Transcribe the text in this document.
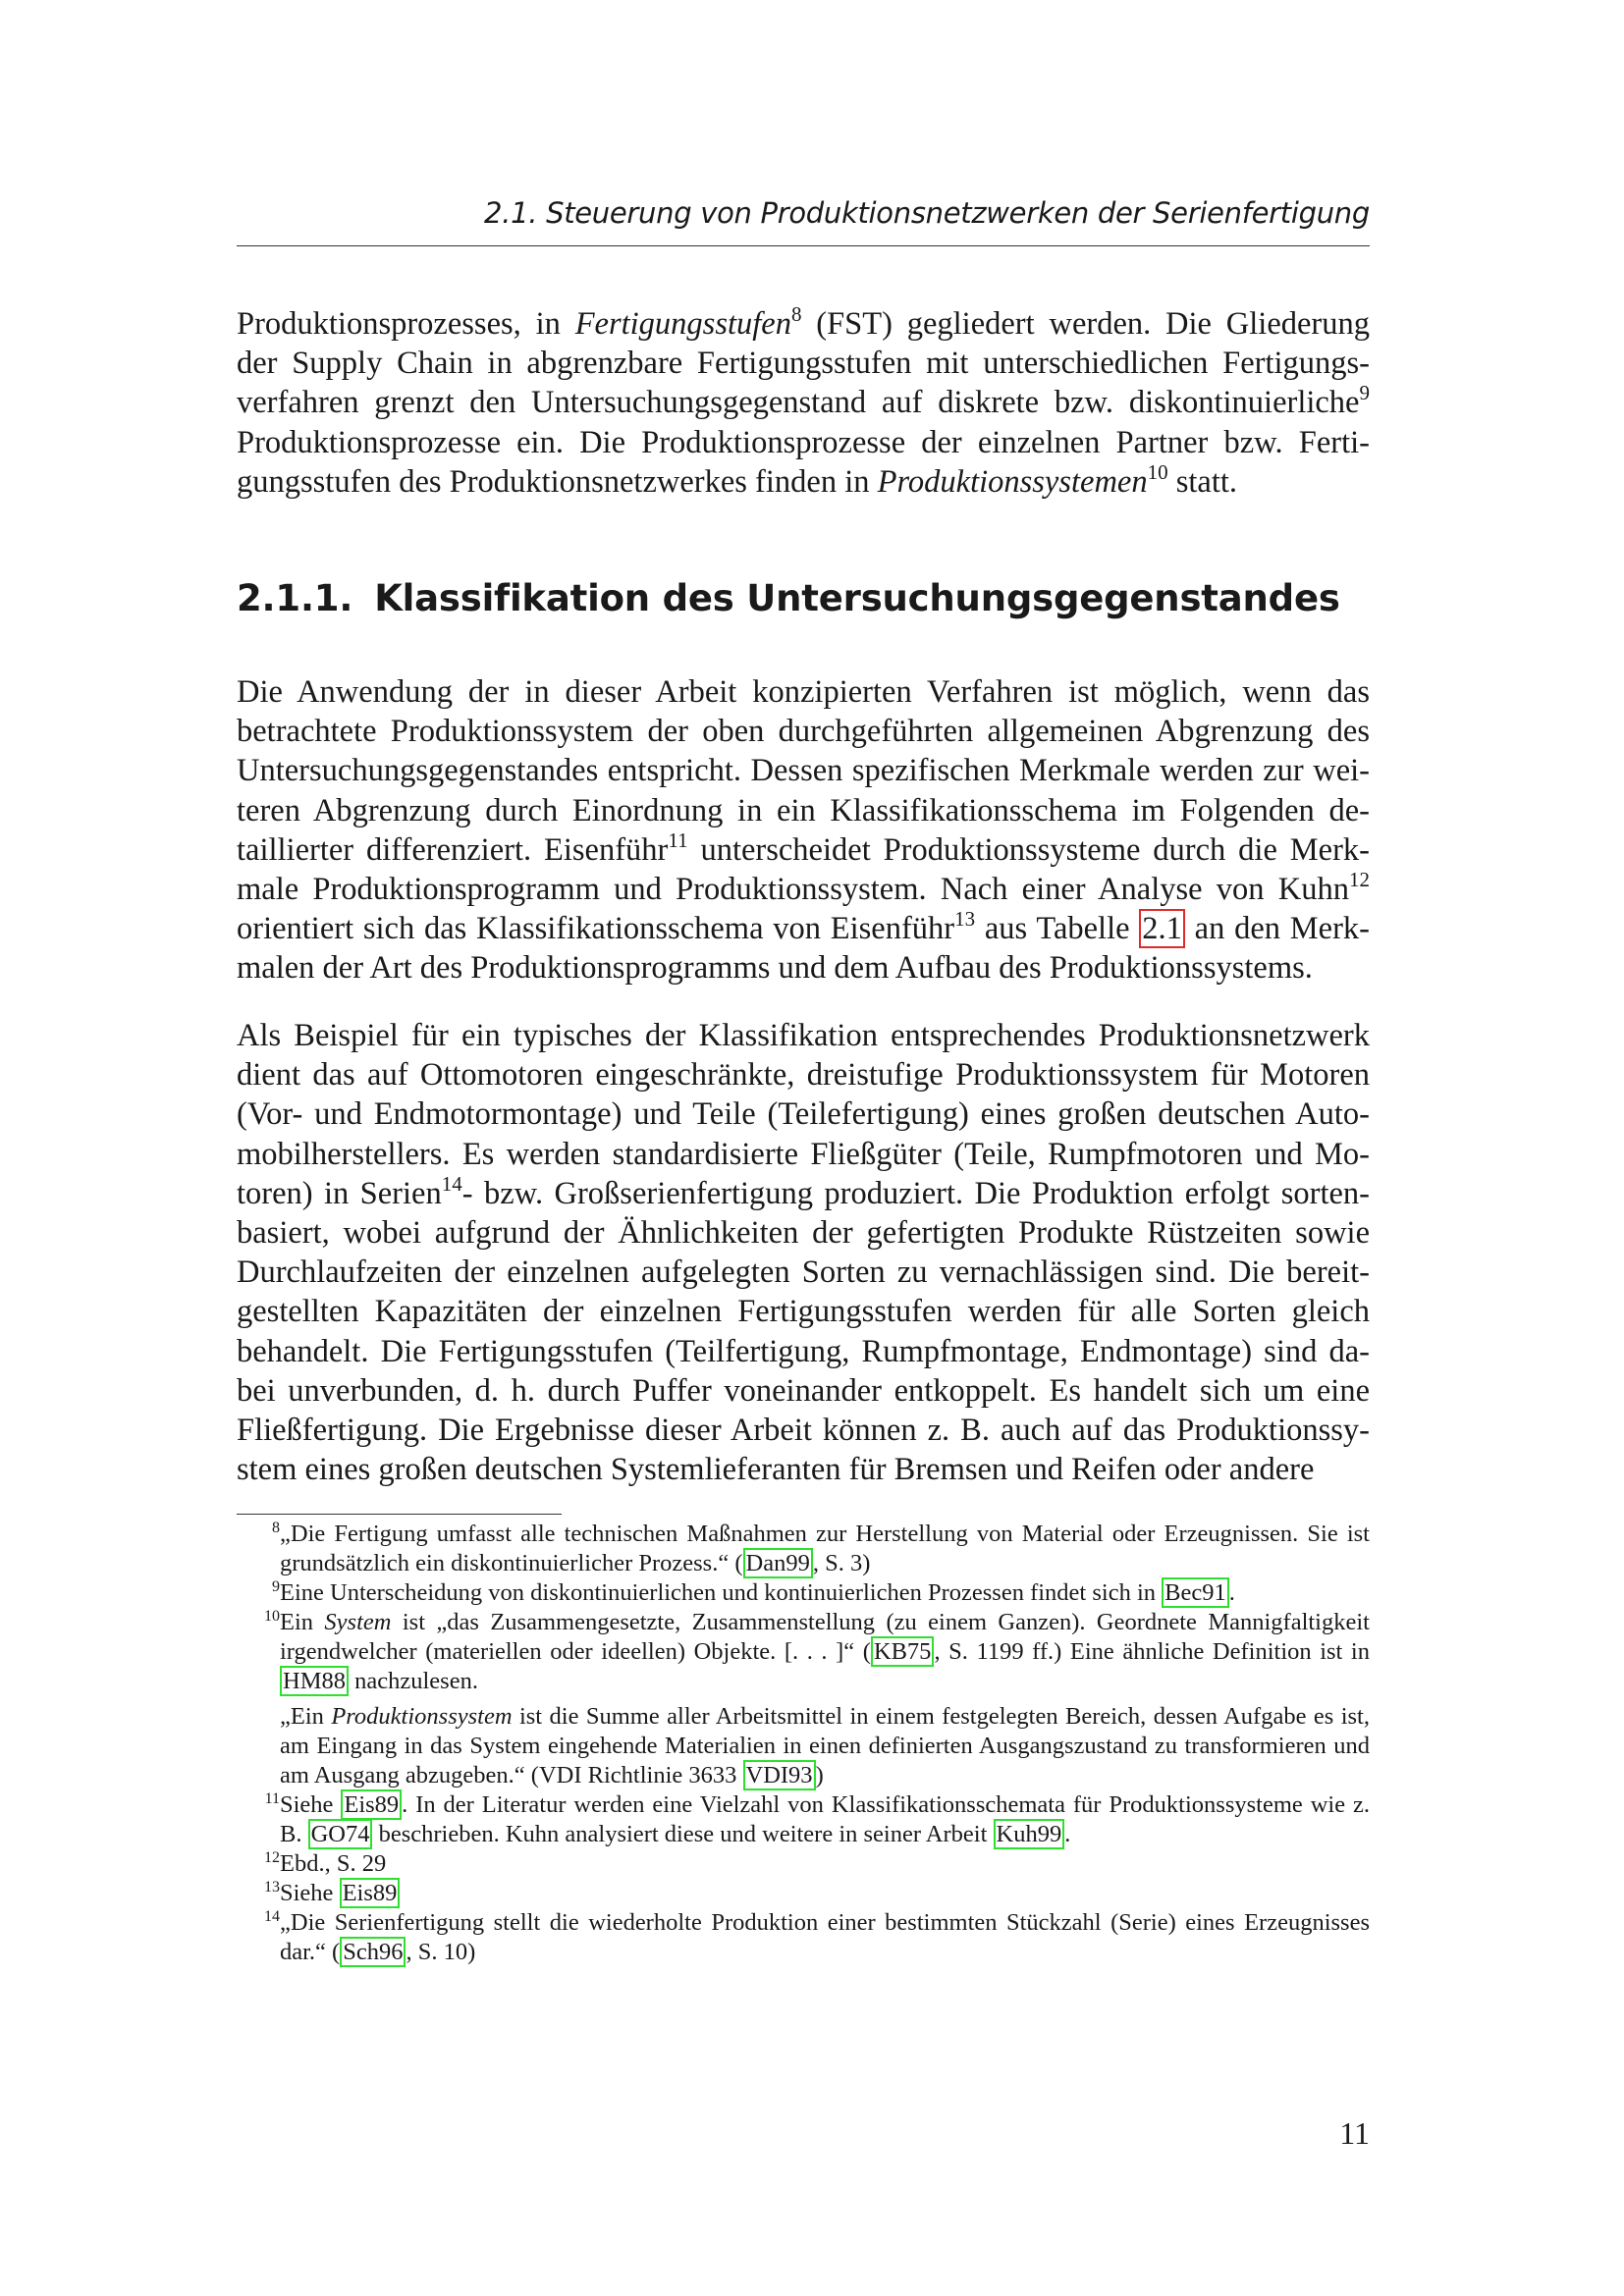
2.1. Steuerung von Produktionsnetzwerken der Serienfertigung

Produktionsprozesses, in Fertigungsstufen$^8$ (FST) gegliedert werden. Die Gliederung der Supply Chain in abgrenzbare Fertigungsstufen mit unterschiedlichen Fertigungsverfahren grenzt den Untersuchungsgegenstand auf diskrete bzw. diskontinuierliche$^9$ Produktionsprozesse ein. Die Produktionsprozesse der einzelnen Partner bzw. Fertigungsstufen des Produktionsnetzwerkes finden in Produktionssystemen$^{10}$ statt.

2.1.1. Klassifikation des Untersuchungsgegenstandes

Die Anwendung der in dieser Arbeit konzipierten Verfahren ist möglich, wenn das betrachtete Produktionssystem der oben durchgeführten allgemeinen Abgrenzung des Untersuchungsgegenstandes entspricht. Dessen spezifischen Merkmale werden zur weiteren Abgrenzung durch Einordnung in ein Klassifikationsschema im Folgenden detaillierter differenziert. Eisenführ$^{11}$ unterscheidet Produktionssysteme durch die Merkmale Produktionsprogramm und Produktionssystem. Nach einer Analyse von Kuhn$^{12}$ orientiert sich das Klassifikationsschema von Eisenführ$^{13}$ aus Tabelle 2.1 an den Merkmalen der Art des Produktionsprogramms und dem Aufbau des Produktionssystems.

Als Beispiel für ein typisches der Klassifikation entsprechendes Produktionsnetzwerk dient das auf Ottomotoren eingeschränkte, dreistufige Produktionssystem für Motoren (Vor- und Endmotormontage) und Teile (Teilefertigung) eines großen deutschen Automobilherstellers. Es werden standardisierte Fließgüter (Teile, Rumpfmotoren und Motoren) in Serien$^{14}$- bzw. Großserienfertigung produziert. Die Produktion erfolgt sortenbasiert, wobei aufgrund der Ähnlichkeiten der gefertigten Produkte Rüstzeiten sowie Durchlaufzeiten der einzelnen aufgelegten Sorten zu vernachlässigen sind. Die bereitgestellten Kapazitäten der einzelnen Fertigungsstufen werden für alle Sorten gleich behandelt. Die Fertigungsstufen (Teilfertigung, Rumpfmontage, Endmontage) sind dabei unverbunden, d. h. durch Puffer voneinander entkoppelt. Es handelt sich um eine Fließfertigung. Die Ergebnisse dieser Arbeit können z. B. auch auf das Produktionssystem eines großen deutschen Systemlieferanten für Bremsen und Reifen oder andere

$^8$„Die Fertigung umfasst alle technischen Maßnahmen zur Herstellung von Material oder Erzeugnissen. Sie ist grundsätzlich ein diskontinuierlicher Prozess.“ ( Dan99 , S. 3)

$^9$Eine Unterscheidung von diskontinuierlichen und kontinuierlichen Prozessen findet sich in Bec91 .

$^{10}$Ein System ist „das Zusammengesetzte, Zusammenstellung (zu einem Ganzen). Geordnete Mannigfaltigkeit irgendwelcher (materiellen oder ideellen) Objekte. [. . . ]“ ( KB75 , S. 1199 ff.) Eine ähnliche Definition ist in HM88 nachzulesen.

„Ein Produktionssystem ist die Summe aller Arbeitsmittel in einem festgelegten Bereich, dessen Aufgabe es ist, am Eingang in das System eingehende Materialien in einen definierten Ausgangszustand zu transformieren und am Ausgang abzugeben.“ (VDI Richtlinie 3633 VDI93 )

$^{11}$Siehe Eis89 . In der Literatur werden eine Vielzahl von Klassifikationsschemata für Produktionssysteme wie z. B. GO74 beschrieben. Kuhn analysiert diese und weitere in seiner Arbeit Kuh99 .

$^{12}$Ebd., S. 29

$^{13}$Siehe Eis89

$^{14}$„Die Serienfertigung stellt die wiederholte Produktion einer bestimmten Stückzahl (Serie) eines Erzeugnisses dar.“ ( Sch96 , S. 10)

11
